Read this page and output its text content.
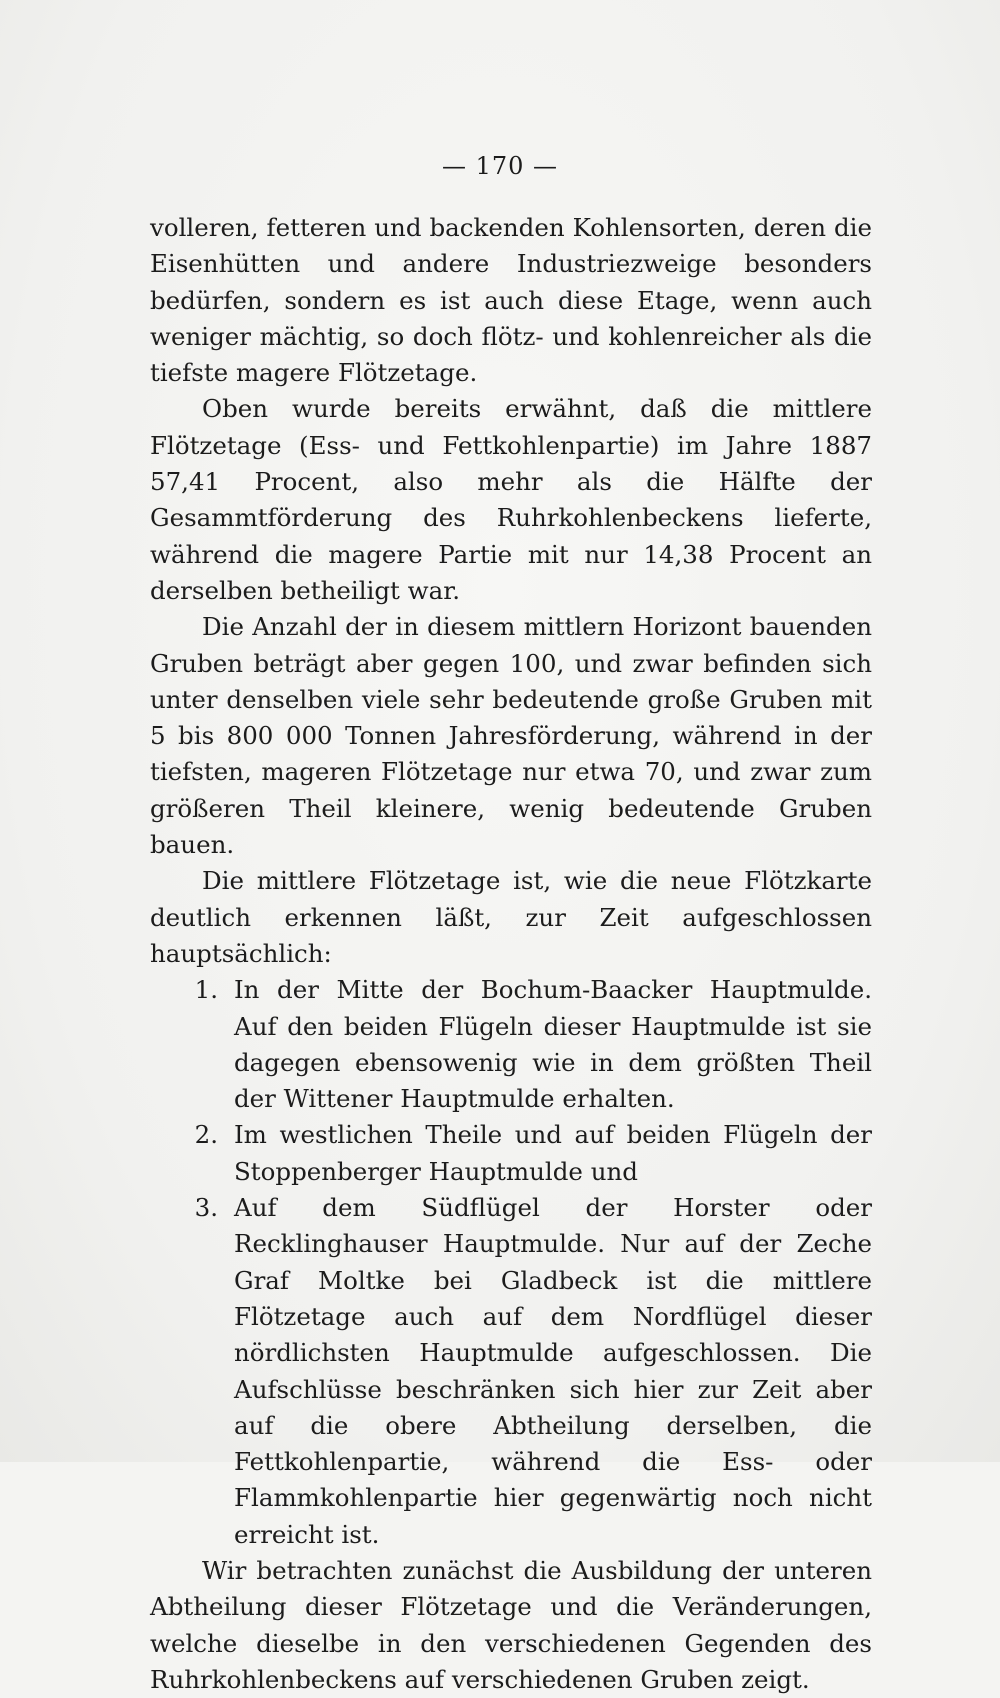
— 170 —

volleren, fetteren und backenden Kohlensorten, deren die Eisenhütten und andere Industriezweige besonders bedürfen, sondern es ist auch diese Etage, wenn auch weniger mächtig, so doch flötz- und kohlenreicher als die tiefste magere Flötzetage.

Oben wurde bereits erwähnt, daß die mittlere Flötzetage (Ess- und Fettkohlenpartie) im Jahre 1887 57,41 Procent, also mehr als die Hälfte der Gesammtförderung des Ruhrkohlenbeckens lieferte, während die magere Partie mit nur 14,38 Procent an derselben betheiligt war.

Die Anzahl der in diesem mittlern Horizont bauenden Gruben beträgt aber gegen 100, und zwar befinden sich unter denselben viele sehr bedeutende große Gruben mit 5 bis 800 000 Tonnen Jahresförderung, während in der tiefsten, mageren Flötzetage nur etwa 70, und zwar zum größeren Theil kleinere, wenig bedeutende Gruben bauen.

Die mittlere Flötzetage ist, wie die neue Flötzkarte deutlich erkennen läßt, zur Zeit aufgeschlossen hauptsächlich:

1. In der Mitte der Bochum-Baacker Hauptmulde. Auf den beiden Flügeln dieser Hauptmulde ist sie dagegen ebensowenig wie in dem größten Theil der Wittener Hauptmulde erhalten.
2. Im westlichen Theile und auf beiden Flügeln der Stoppenberger Hauptmulde und
3. Auf dem Südflügel der Horster oder Recklinghauser Hauptmulde. Nur auf der Zeche Graf Moltke bei Gladbeck ist die mittlere Flötzetage auch auf dem Nordflügel dieser nördlichsten Hauptmulde aufgeschlossen. Die Aufschlüsse beschränken sich hier zur Zeit aber auf die obere Abtheilung derselben, die Fettkohlenpartie, während die Ess- oder Flammkohlenpartie hier gegenwärtig noch nicht erreicht ist.

Wir betrachten zunächst die Ausbildung der unteren Abtheilung dieser Flötzetage und die Veränderungen, welche dieselbe in den verschiedenen Gegenden des Ruhrkohlenbeckens auf verschiedenen Gruben zeigt.
